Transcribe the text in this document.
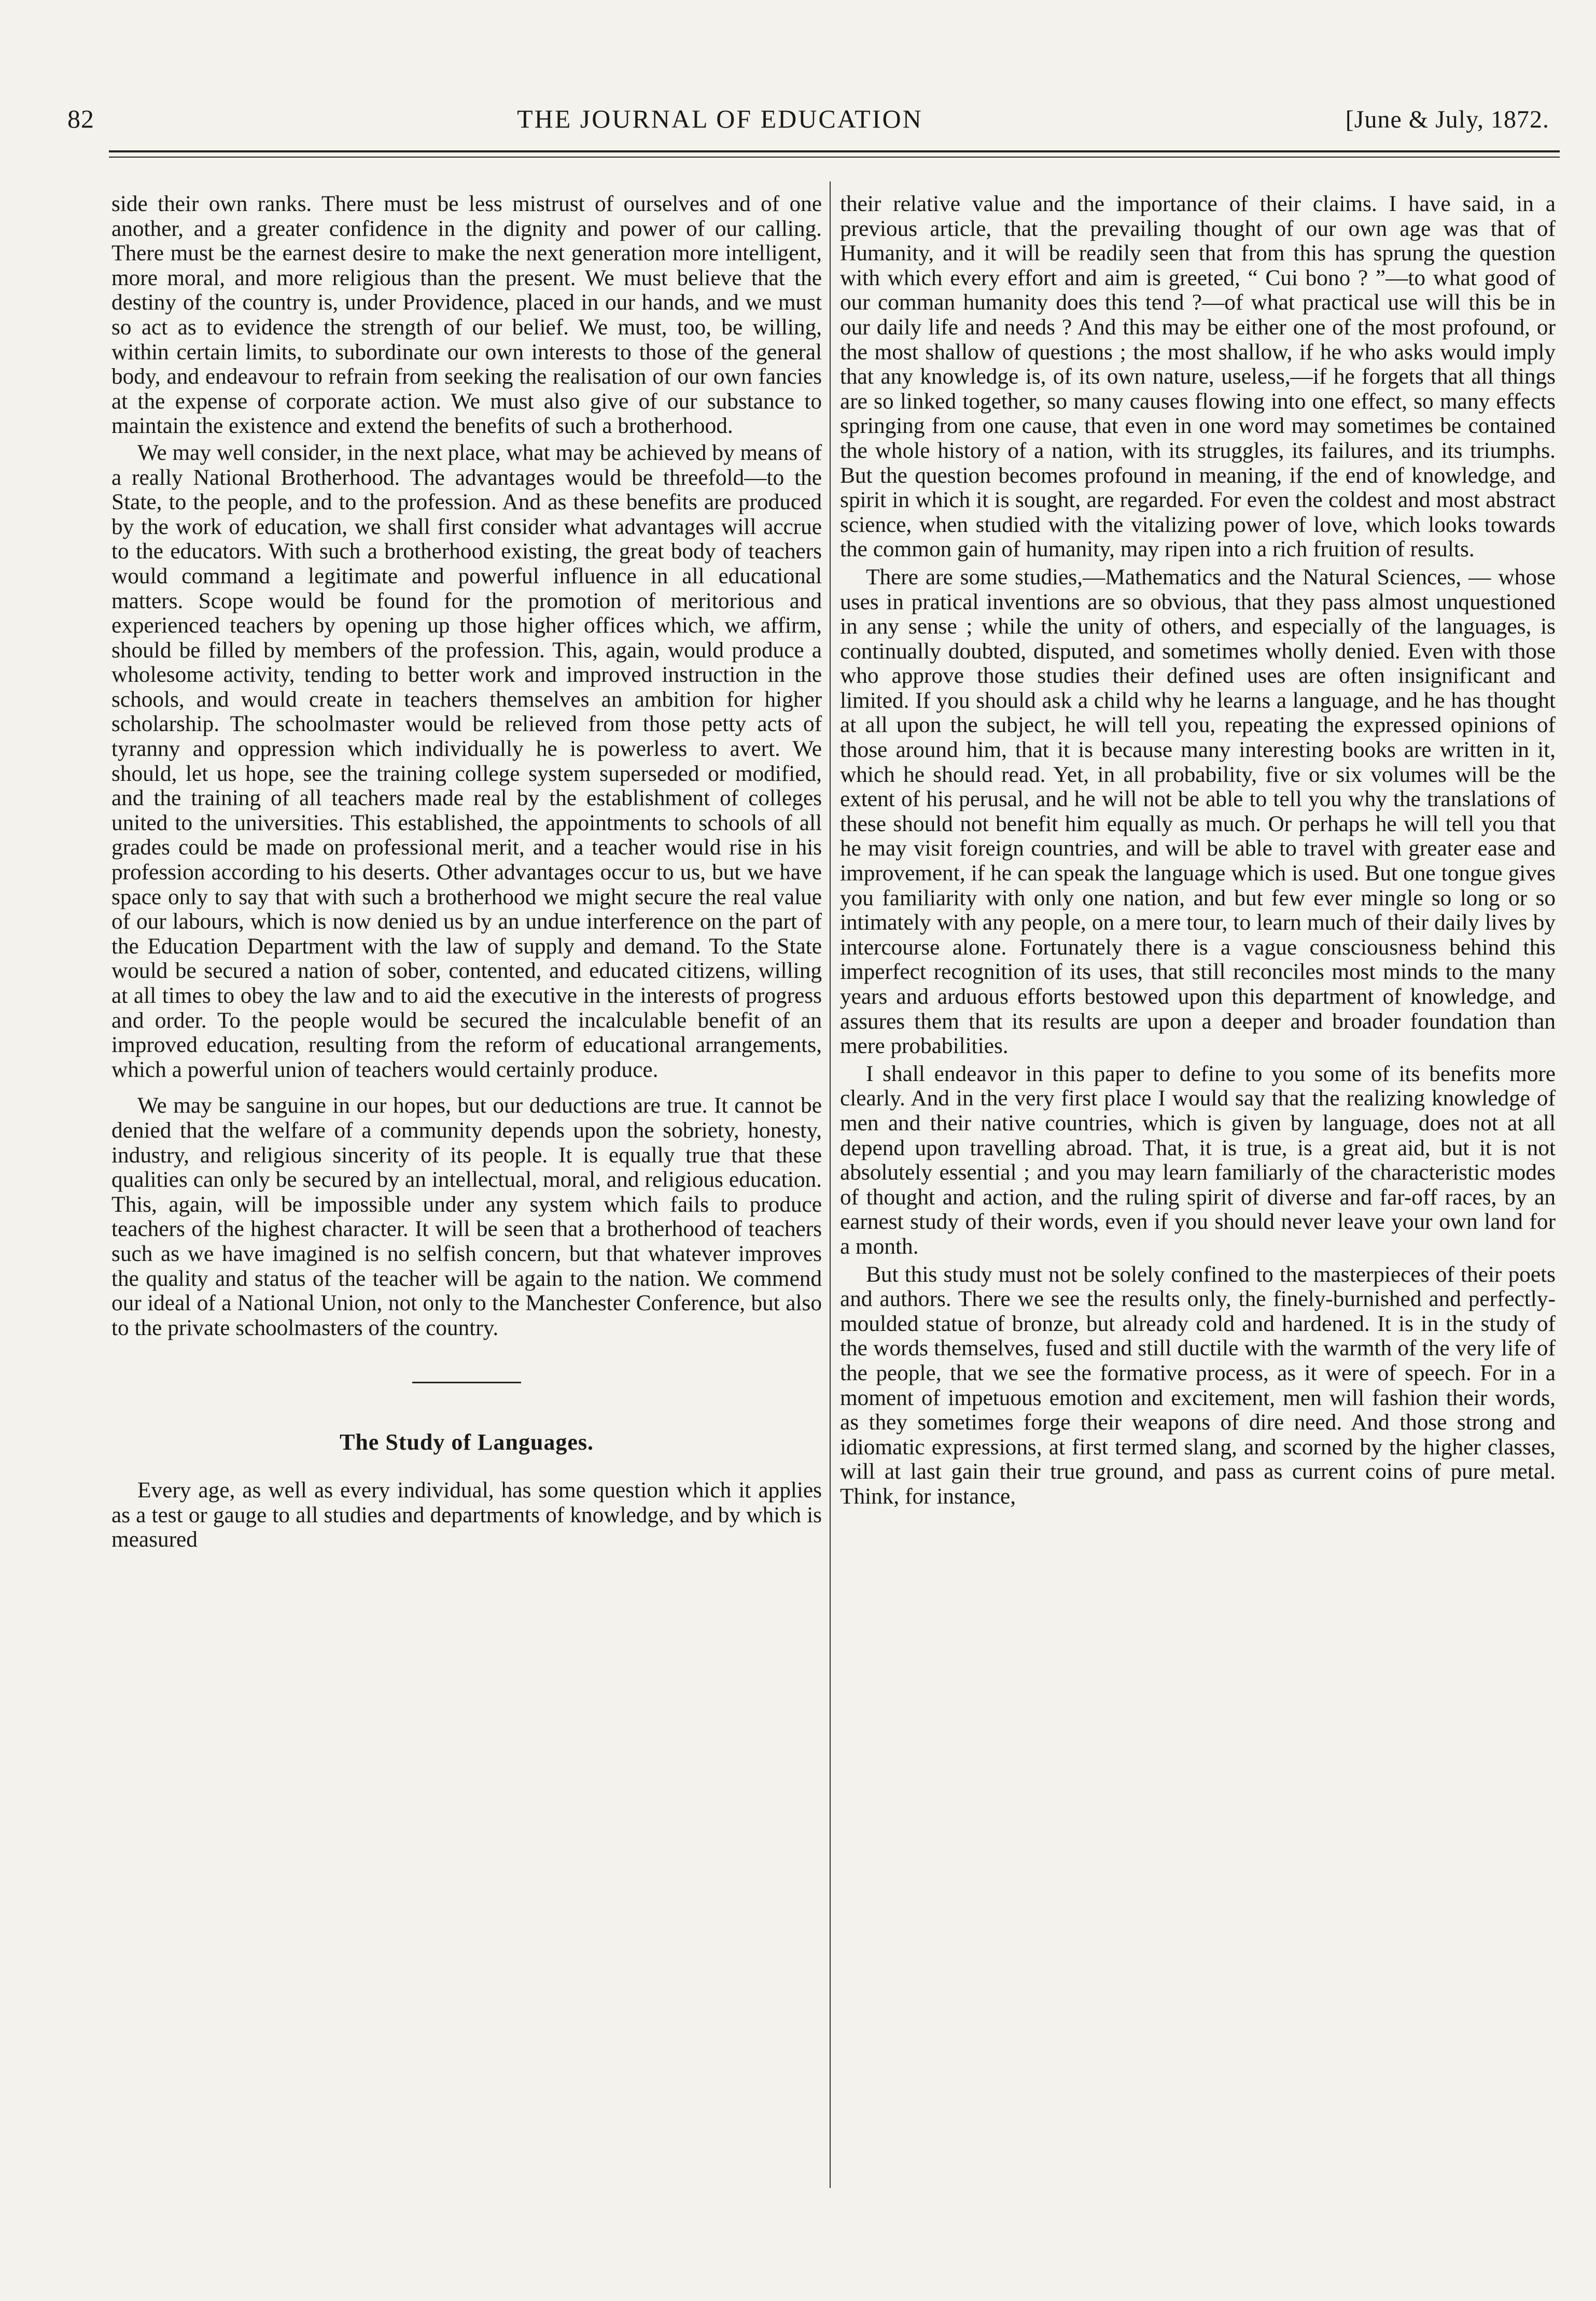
82	THE JOURNAL OF EDUCATION	[June & July, 1872.

side their own ranks. There must be less mistrust of ourselves and of one another, and a greater confidence in the dignity and power of our calling. There must be the earnest desire to make the next generation more intelligent, more moral, and more religious than the present. We must believe that the destiny of the country is, under Providence, placed in our hands, and we must so act as to evidence the strength of our belief. We must, too, be willing, within certain limits, to subordinate our own interests to those of the general body, and endeavour to refrain from seeking the realisation of our own fancies at the expense of corporate action. We must also give of our substance to maintain the existence and extend the benefits of such a brotherhood.

We may well consider, in the next place, what may be achieved by means of a really National Brotherhood. The advantages would be threefold—to the State, to the people, and to the profession. And as these benefits are produced by the work of education, we shall first consider what advantages will accrue to the educators. With such a brotherhood existing, the great body of teachers would command a legitimate and powerful influence in all educational matters. Scope would be found for the promotion of meritorious and experienced teachers by opening up those higher offices which, we affirm, should be filled by members of the profession. This, again, would produce a wholesome activity, tending to better work and improved instruction in the schools, and would create in teachers themselves an ambition for higher scholarship. The schoolmaster would be relieved from those petty acts of tyranny and oppression which individually he is powerless to avert. We should, let us hope, see the training college system superseded or modified, and the training of all teachers made real by the establishment of colleges united to the universities. This established, the appointments to schools of all grades could be made on professional merit, and a teacher would rise in his profession according to his deserts. Other advantages occur to us, but we have space only to say that with such a brotherhood we might secure the real value of our labours, which is now denied us by an undue interference on the part of the Education Department with the law of supply and demand. To the State would be secured a nation of sober, contented, and educated citizens, willing at all times to obey the law and to aid the executive in the interests of progress and order. To the people would be secured the incalculable benefit of an improved education, resulting from the reform of educational arrangements, which a powerful union of teachers would certainly produce.

We may be sanguine in our hopes, but our deductions are true. It cannot be denied that the welfare of a community depends upon the sobriety, honesty, industry, and religious sincerity of its people. It is equally true that these qualities can only be secured by an intellectual, moral, and religious education. This, again, will be impossible under any system which fails to produce teachers of the highest character. It will be seen that a brotherhood of teachers such as we have imagined is no selfish concern, but that whatever improves the quality and status of the teacher will be again to the nation. We commend our ideal of a National Union, not only to the Manchester Conference, but also to the private schoolmasters of the country.

The Study of Languages.

Every age, as well as every individual, has some question which it applies as a test or gauge to all studies and departments of knowledge, and by which is measured

their relative value and the importance of their claims. I have said, in a previous article, that the prevailing thought of our own age was that of Humanity, and it will be readily seen that from this has sprung the question with which every effort and aim is greeted, “ Cui bono ? ”—to what good of our comman humanity does this tend ?—of what practical use will this be in our daily life and needs ? And this may be either one of the most profound, or the most shallow of questions ; the most shallow, if he who asks would imply that any knowledge is, of its own nature, useless,—if he forgets that all things are so linked together, so many causes flowing into one effect, so many effects springing from one cause, that even in one word may sometimes be contained the whole history of a nation, with its struggles, its failures, and its triumphs. But the question becomes profound in meaning, if the end of knowledge, and spirit in which it is sought, are regarded. For even the coldest and most abstract science, when studied with the vitalizing power of love, which looks towards the common gain of humanity, may ripen into a rich fruition of results.

There are some studies,—Mathematics and the Natural Sciences, — whose uses in pratical inventions are so obvious, that they pass almost unquestioned in any sense ; while the unity of others, and especially of the languages, is continually doubted, disputed, and sometimes wholly denied. Even with those who approve those studies their defined uses are often insignificant and limited. If you should ask a child why he learns a language, and he has thought at all upon the subject, he will tell you, repeating the expressed opinions of those around him, that it is because many interesting books are written in it, which he should read. Yet, in all probability, five or six volumes will be the extent of his perusal, and he will not be able to tell you why the translations of these should not benefit him equally as much. Or perhaps he will tell you that he may visit foreign countries, and will be able to travel with greater ease and improvement, if he can speak the language which is used. But one tongue gives you familiarity with only one nation, and but few ever mingle so long or so intimately with any people, on a mere tour, to learn much of their daily lives by intercourse alone. Fortunately there is a vague consciousness behind this imperfect recognition of its uses, that still reconciles most minds to the many years and arduous efforts bestowed upon this department of knowledge, and assures them that its results are upon a deeper and broader foundation than mere probabilities.

I shall endeavor in this paper to define to you some of its benefits more clearly. And in the very first place I would say that the realizing knowledge of men and their native countries, which is given by language, does not at all depend upon travelling abroad. That, it is true, is a great aid, but it is not absolutely essential ; and you may learn familiarly of the characteristic modes of thought and action, and the ruling spirit of diverse and far-off races, by an earnest study of their words, even if you should never leave your own land for a month.

But this study must not be solely confined to the masterpieces of their poets and authors. There we see the results only, the finely-burnished and perfectly-moulded statue of bronze, but already cold and hardened. It is in the study of the words themselves, fused and still ductile with the warmth of the very life of the people, that we see the formative process, as it were of speech. For in a moment of impetuous emotion and excitement, men will fashion their words, as they sometimes forge their weapons of dire need. And those strong and idiomatic expressions, at first termed slang, and scorned by the higher classes, will at last gain their true ground, and pass as current coins of pure metal. Think, for instance,
